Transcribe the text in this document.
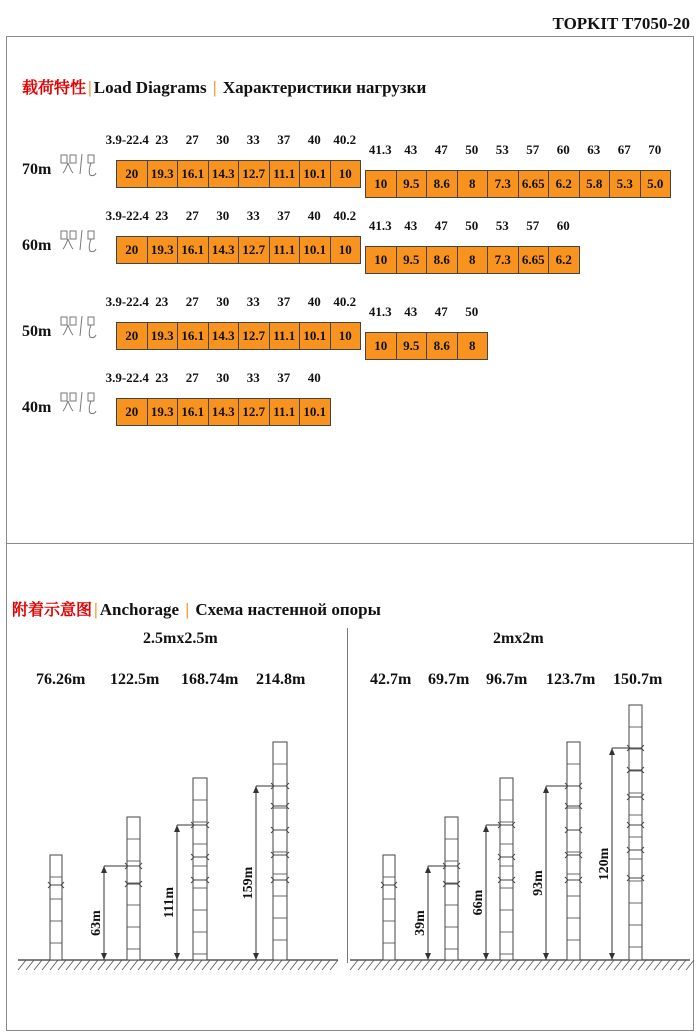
TOPKIT T7050-20
载荷特性 | Load Diagrams | Характеристики нагрузки
70m
3.9-22.4 23 27 30 33 37 40 40.2
20 19.3 16.1 14.3 12.7 11.1 10.1 10
41.3 43 47 50 53 57 60 63 67 70
10	9.5	8.6	8	7.3 6.65 6.2	5.8	5.3	5.0
60m
3.9-22.4 23 27 30 33 37 40 40.2
20 19.3 16.1 14.3 12.7 11.1 10.1 10
41.3 43 47 50 53 57 60
10	9.5	8.6	8	7.3 6.65 6.2
50m
3.9-22.4 23 27 30 33 37 40 40.2
20 19.3 16.1 14.3 12.7 11.1 10.1 10
41.3 43 47 50
10	9.5	8.6	8
40m
3.9-22.4 23 27 30 33 37 40
20 19.3 16.1 14.3 12.7 11.1 10.1
附着示意图 | Anchorage | Схема настенной опоры
2.5mx2.5m	2mx2m
76.26m 122.5m 168.74m 214.8m	42.7m 69.7m 96.7m 123.7m 150.7m
63m
111m
159m
39m
66m
93m
120m
